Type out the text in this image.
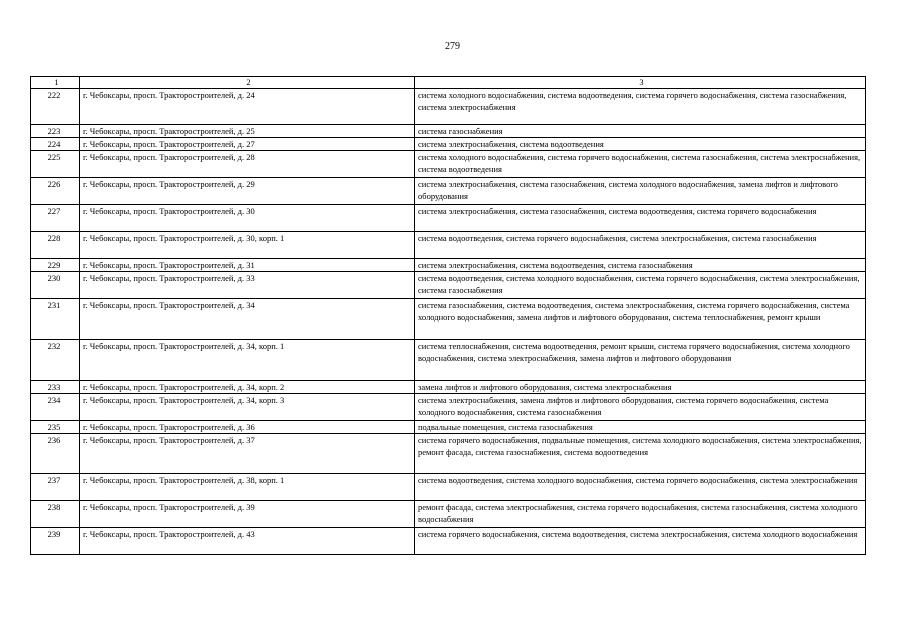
279
1	2	3
222	г. Чебоксары, просп. Тракторостроителей, д. 24	система холодного водоснабжения, система водоотведения, система горячего водоснабжения, система газоснабжения, система электроснабжения
223	г. Чебоксары, просп. Тракторостроителей, д. 25	система газоснабжения
224	г. Чебоксары, просп. Тракторостроителей, д. 27	система электроснабжения, система водоотведения
225	г. Чебоксары, просп. Тракторостроителей, д. 28	система холодного водоснабжения, система горячего водоснабжения, система газоснабжения, система электроснабжения, система водоотведения
226	г. Чебоксары, просп. Тракторостроителей, д. 29	система электроснабжения, система газоснабжения, система холодного водоснабжения, замена лифтов и лифтового оборудования
227	г. Чебоксары, просп. Тракторостроителей, д. 30	система электроснабжения, система газоснабжения, система водоотведения, система горячего водоснабжения
228	г. Чебоксары, просп. Тракторостроителей, д. 30, корп. 1	система водоотведения, система горячего водоснабжения, система электроснабжения, система газоснабжения
229	г. Чебоксары, просп. Тракторостроителей, д. 31	система электроснабжения, система водоотведения, система газоснабжения
230	г. Чебоксары, просп. Тракторостроителей, д. 33	система водоотведения, система холодного водоснабжения, система горячего водоснабжения, система электроснабжения, система газоснабжения
231	г. Чебоксары, просп. Тракторостроителей, д. 34	система газоснабжения, система водоотведения, система электроснабжения, система горячего водоснабжения, система холодного водоснабжения, замена лифтов и лифтового оборудования, система теплоснабжения, ремонт крыши
232	г. Чебоксары, просп. Тракторостроителей, д. 34, корп. 1	система теплоснабжения, система водоотведения, ремонт крыши, система горячего водоснабжения, система холодного водоснабжения, система электроснабжения, замена лифтов и лифтового оборудования
233	г. Чебоксары, просп. Тракторостроителей, д. 34, корп. 2	замена лифтов и лифтового оборудования, система электроснабжения
234	г. Чебоксары, просп. Тракторостроителей, д. 34, корп. 3	система электроснабжения, замена лифтов и лифтового оборудования, система горячего водоснабжения, система холодного водоснабжения, система газоснабжения
235	г. Чебоксары, просп. Тракторостроителей, д. 36	подвальные помещения, система газоснабжения
236	г. Чебоксары, просп. Тракторостроителей, д. 37	система горячего водоснабжения, подвальные помещения, система холодного водоснабжения, система электроснабжения, ремонт фасада, система газоснабжения, система водоотведения
237	г. Чебоксары, просп. Тракторостроителей, д. 38, корп. 1	система водоотведения, система холодного водоснабжения, система горячего водоснабжения, система электроснабжения
238	г. Чебоксары, просп. Тракторостроителей, д. 39	ремонт фасада, система электроснабжения, система горячего водоснабжения, система газоснабжения, система холодного водоснабжения
239	г. Чебоксары, просп. Тракторостроителей, д. 43	система горячего водоснабжения, система водоотведения, система электроснабжения, система холодного водоснабжения
